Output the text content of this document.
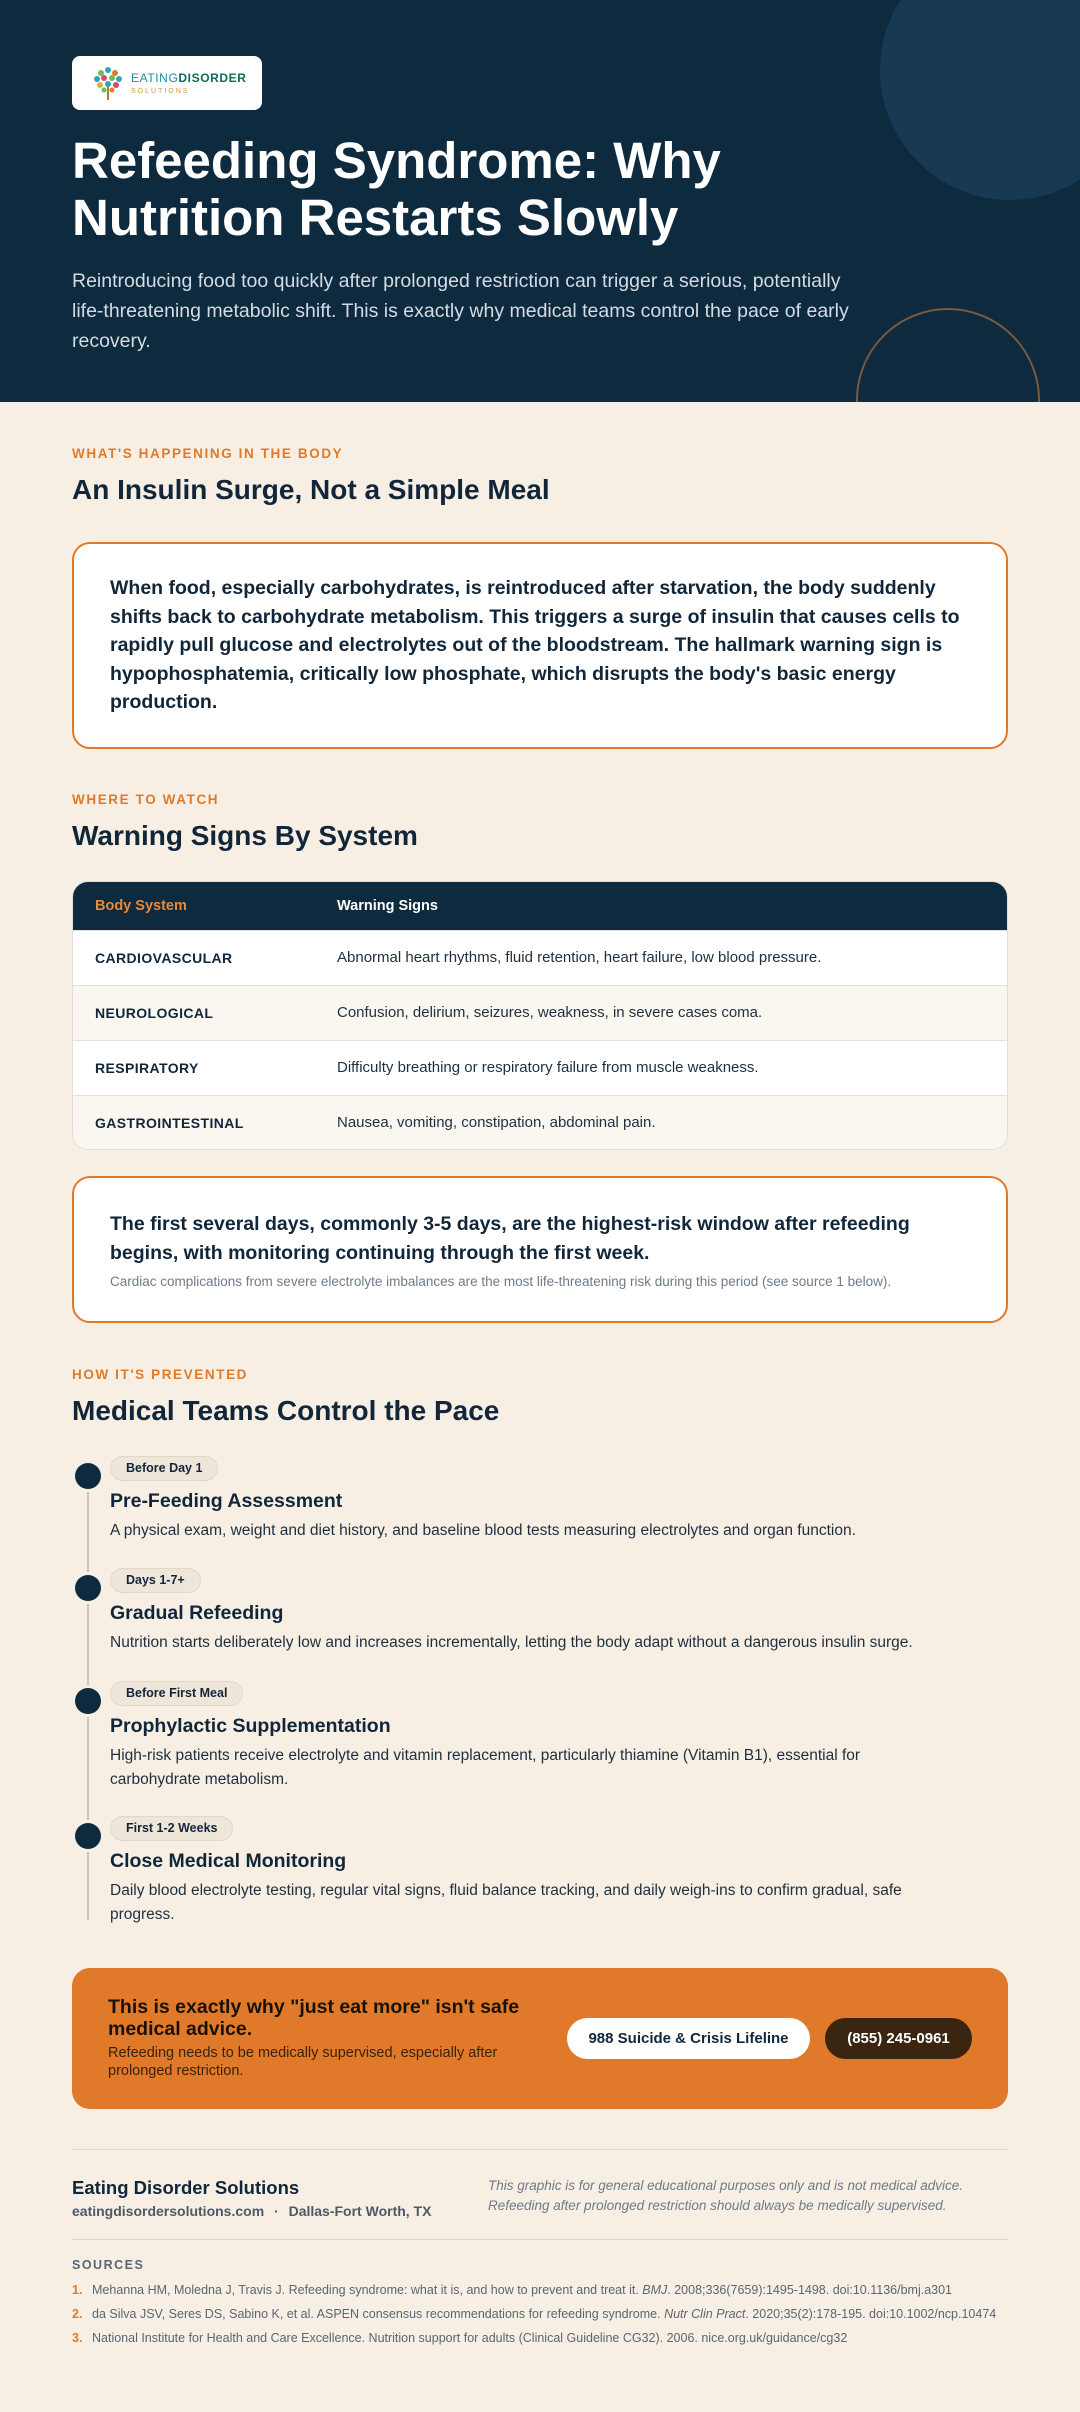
EATINGDISORDER
SOLUTIONS
Refeeding Syndrome: Why Nutrition Restarts Slowly

Reintroducing food too quickly after prolonged restriction can trigger a serious, potentially life-threatening metabolic shift. This is exactly why medical teams control the pace of early recovery.

WHAT'S HAPPENING IN THE BODY
An Insulin Surge, Not a Simple Meal

When food, especially carbohydrates, is reintroduced after starvation, the body suddenly shifts back to carbohydrate metabolism. This triggers a surge of insulin that causes cells to rapidly pull glucose and electrolytes out of the bloodstream. The hallmark warning sign is hypophosphatemia, critically low phosphate, which disrupts the body's basic energy production.

WHERE TO WATCH
Warning Signs By System
Body System	Warning Signs
CARDIOVASCULAR	Abnormal heart rhythms, fluid retention, heart failure, low blood pressure.
NEUROLOGICAL	Confusion, delirium, seizures, weakness, in severe cases coma.
RESPIRATORY	Difficulty breathing or respiratory failure from muscle weakness.
GASTROINTESTINAL	Nausea, vomiting, constipation, abdominal pain.

The first several days, commonly 3-5 days, are the highest-risk window after refeeding begins, with monitoring continuing through the first week.

Cardiac complications from severe electrolyte imbalances are the most life-threatening risk during this period (see source 1 below).

HOW IT'S PREVENTED
Medical Teams Control the Pace
Before Day 1
Pre-Feeding Assessment

A physical exam, weight and diet history, and baseline blood tests measuring electrolytes and organ function.

Days 1-7+
Gradual Refeeding

Nutrition starts deliberately low and increases incrementally, letting the body adapt without a dangerous insulin surge.

Before First Meal
Prophylactic Supplementation

High-risk patients receive electrolyte and vitamin replacement, particularly thiamine (Vitamin B1), essential for carbohydrate metabolism.

First 1-2 Weeks
Close Medical Monitoring

Daily blood electrolyte testing, regular vital signs, fluid balance tracking, and daily weigh-ins to confirm gradual, safe progress.

This is exactly why "just eat more" isn't safe medical advice.

Refeeding needs to be medically supervised, especially after prolonged restriction.

988 Suicide & Crisis Lifeline	(855) 245-0961
Eating Disorder Solutions
eatingdisordersolutions.com · Dallas-Fort Worth, TX

This graphic is for general educational purposes only and is not medical advice. Refeeding after prolonged restriction should always be medically supervised.

SOURCES
1. Mehanna HM, Moledna J, Travis J. Refeeding syndrome: what it is, and how to prevent and treat it. BMJ. 2008;336(7659):1495-1498. doi:10.1136/bmj.a301
2. da Silva JSV, Seres DS, Sabino K, et al. ASPEN consensus recommendations for refeeding syndrome. Nutr Clin Pract. 2020;35(2):178-195. doi:10.1002/ncp.10474
3. National Institute for Health and Care Excellence. Nutrition support for adults (Clinical Guideline CG32). 2006. nice.org.uk/guidance/cg32
